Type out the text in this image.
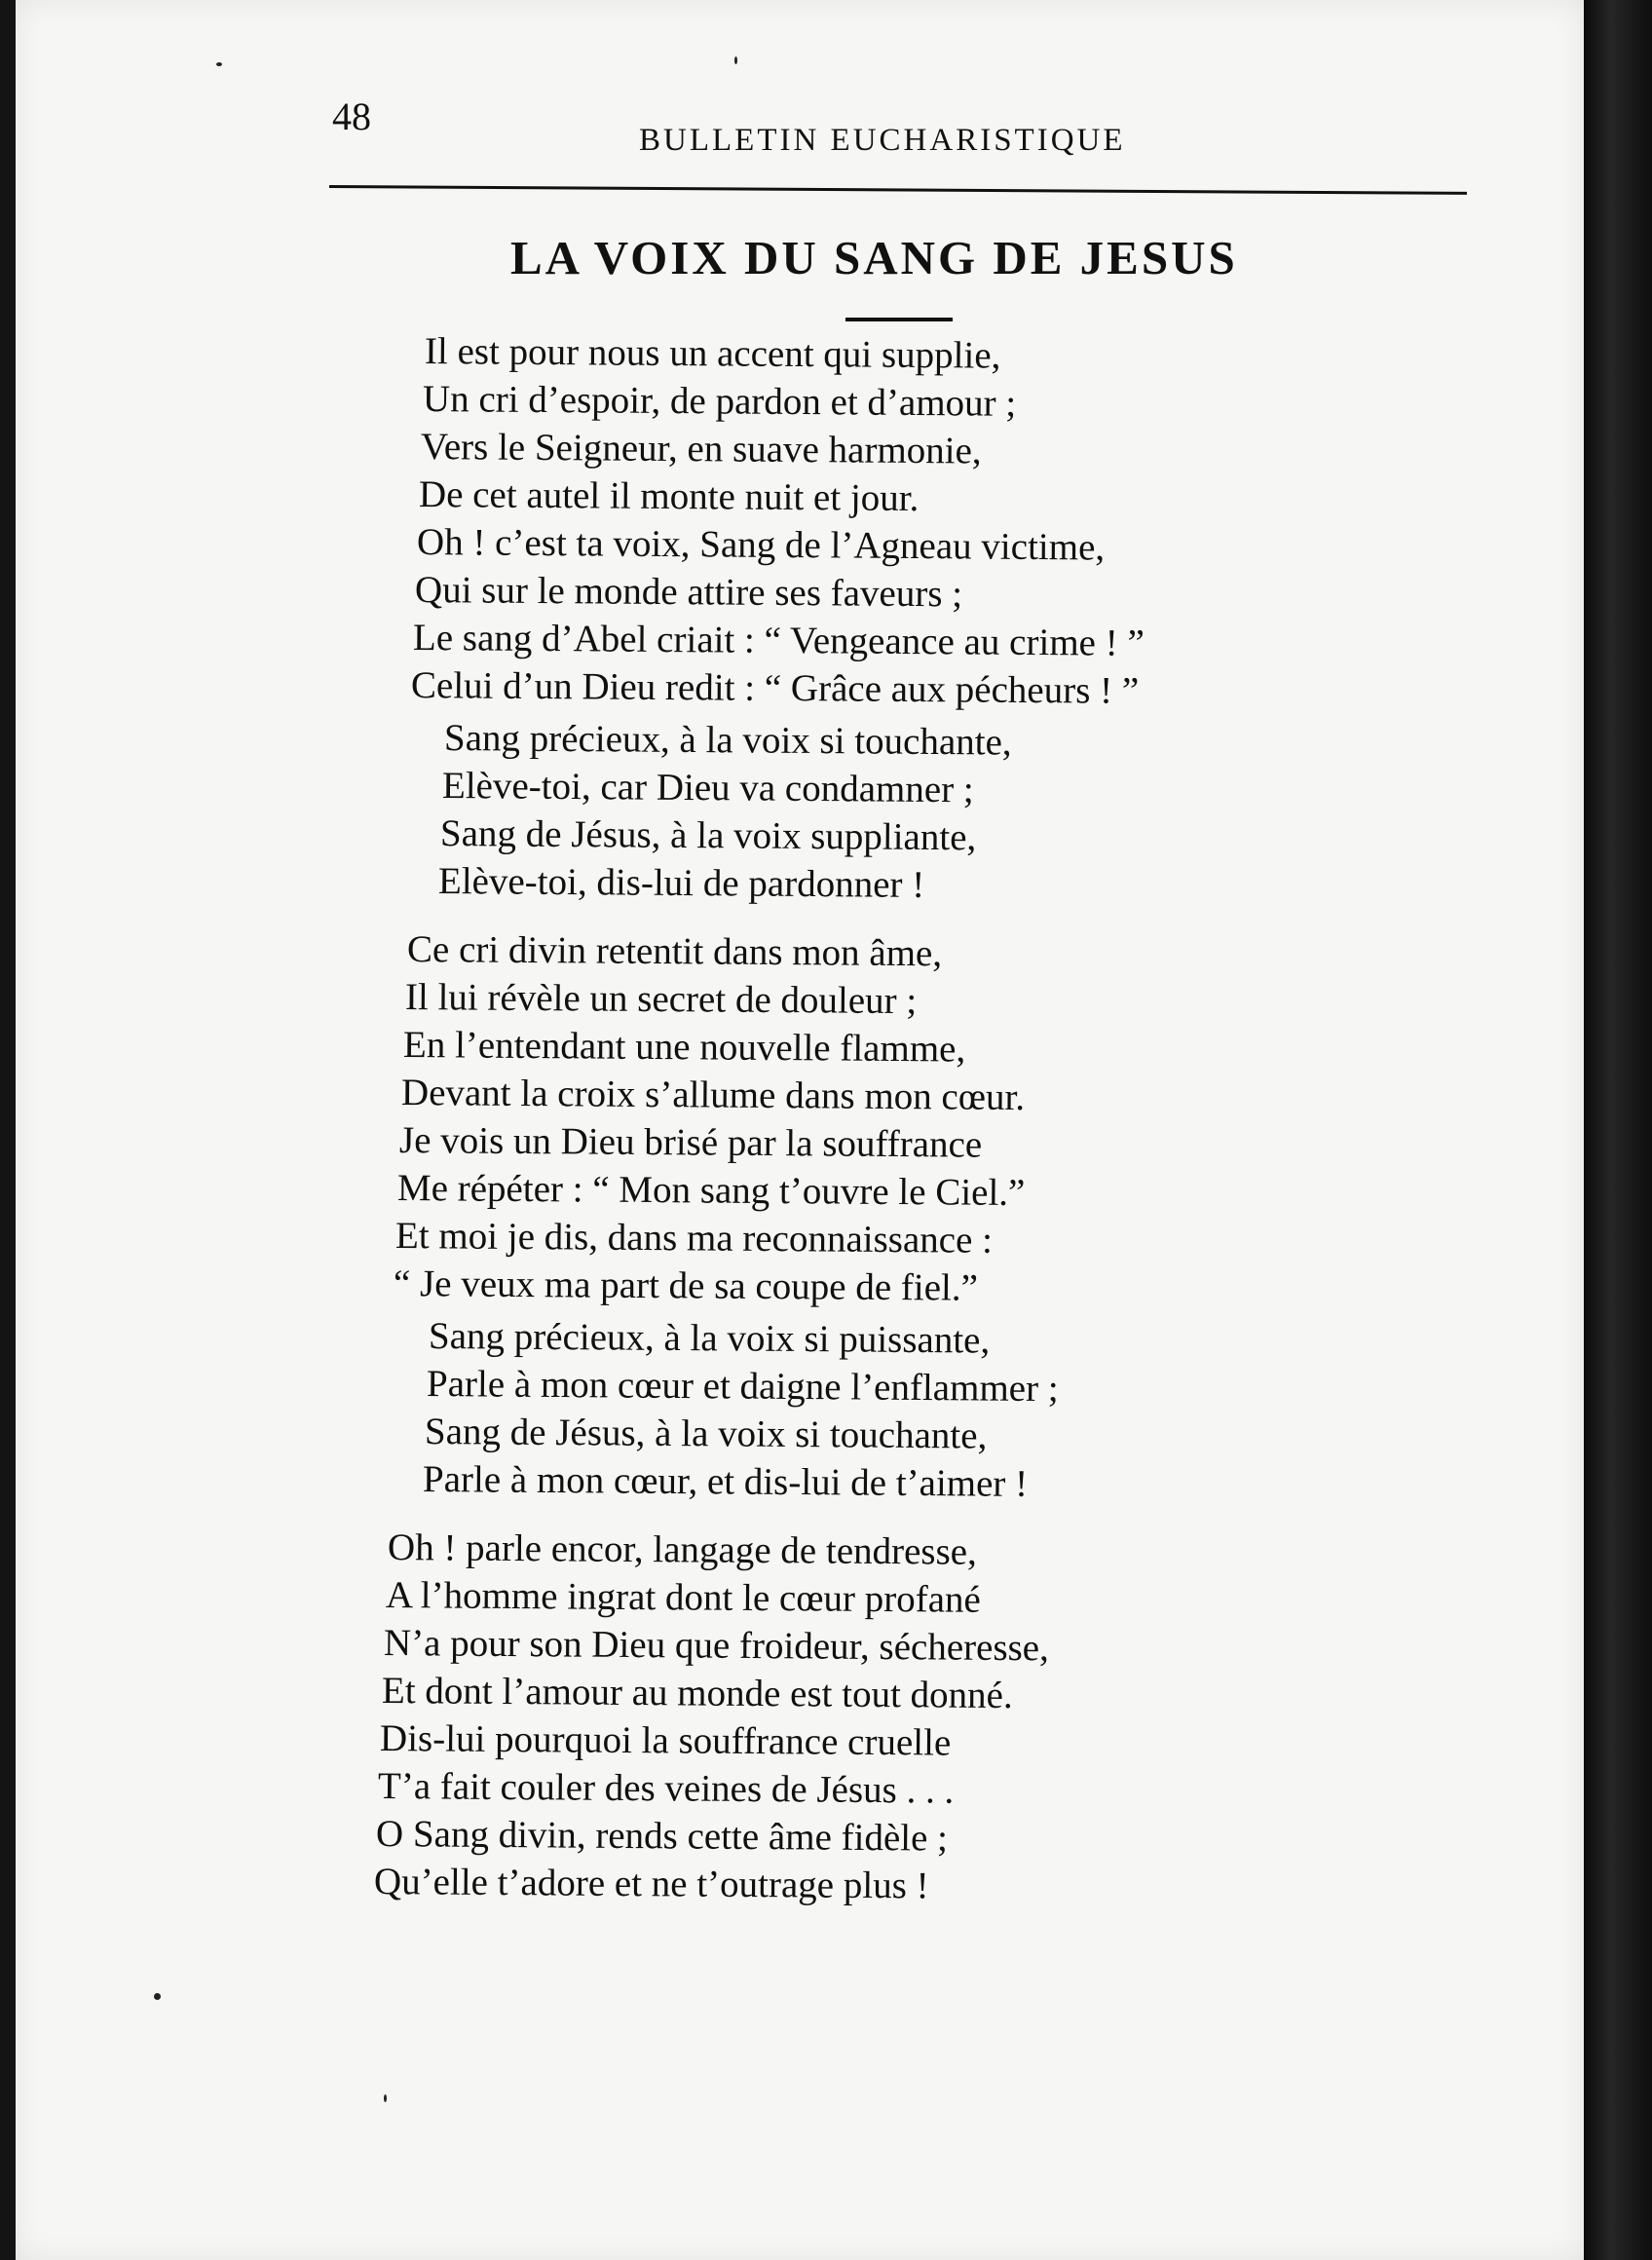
48
BULLETIN EUCHARISTIQUE
LA VOIX DU SANG DE JESUS
Il est pour nous un accent qui supplie,
Un cri d’espoir, de pardon et d’amour ;
Vers le Seigneur, en suave harmonie,
De cet autel il monte nuit et jour.
Oh ! c’est ta voix, Sang de l’Agneau victime,
Qui sur le monde attire ses faveurs ;
Le sang d’Abel criait : “ Vengeance au crime ! ”
Celui d’un Dieu redit : “ Grâce aux pécheurs ! ”
Sang précieux, à la voix si touchante,
Elève-toi, car Dieu va condamner ;
Sang de Jésus, à la voix suppliante,
Elève-toi, dis-lui de pardonner !
Ce cri divin retentit dans mon âme,
Il lui révèle un secret de douleur ;
En l’entendant une nouvelle flamme,
Devant la croix s’allume dans mon cœur.
Je vois un Dieu brisé par la souffrance
Me répéter : “ Mon sang t’ouvre le Ciel.”
Et moi je dis, dans ma reconnaissance :
“ Je veux ma part de sa coupe de fiel.”
Sang précieux, à la voix si puissante,
Parle à mon cœur et daigne l’enflammer ;
Sang de Jésus, à la voix si touchante,
Parle à mon cœur, et dis-lui de t’aimer !
Oh ! parle encor, langage de tendresse,
A l’homme ingrat dont le cœur profané
N’a pour son Dieu que froideur, sécheresse,
Et dont l’amour au monde est tout donné.
Dis-lui pourquoi la souffrance cruelle
T’a fait couler des veines de Jésus . . .
O Sang divin, rends cette âme fidèle ;
Qu’elle t’adore et ne t’outrage plus !
